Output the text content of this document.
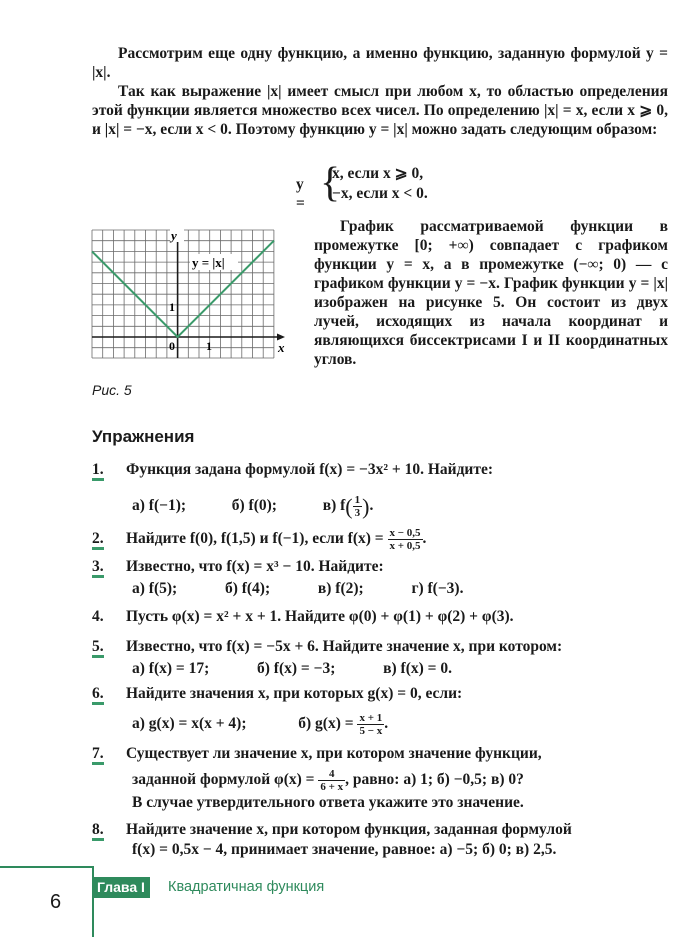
Рассмотрим еще одну функцию, а именно функцию, заданную формулой y = |x|.

Так как выражение |x| имеет смысл при любом x, то областью определения этой функции является множество всех чисел. По определению |x| = x, если x ⩾ 0, и |x| = −x, если x < 0. Поэтому функцию y = |x| можно задать следующим образом:

y = {
x, если x ⩾ 0,
−x, если x < 0.
y = |x|
y
x
0	1
1

График рассматриваемой функции в промежутке [0; +∞) совпадает с графиком функции y = x, а в промежутке (−∞; 0) — с графиком функции y = −x. График функции y = |x| изображен на рисунке 5. Он состоит из двух лучей, исходящих из начала координат и являющихся биссектрисами I и II координатных углов.

Рис. 5
Упражнения
1. Функция задана формулой f(x) = −3x² + 10. Найдите:
а) f(−1);	б) f(0);	в) $f( \frac{1}{3}$ ).
2. Найдите f(0), f(1,5) и f(−1), если $f(x) = \frac{x - 0,5}{x + 0,5}$ .
3. Известно, что f(x) = x³ − 10. Найдите:
а) f(5);	б) f(4);	в) f(2);	г) f(−3).
4. Пусть φ(x) = x² + x + 1. Найдите φ(0) + φ(1) + φ(2) + φ(3).
5. Известно, что f(x) = −5x + 6. Найдите значение x, при котором:
а) f(x) = 17;	б) f(x) = −3;	в) f(x) = 0.
6. Найдите значения x, при которых g(x) = 0, если:
а) g(x) = x(x + 4);	б) $g(x) = \frac{x + 1}{5 - x}$ .
7. Существует ли значение x, при котором значение функции,
заданной формулой $\varphi(x) = \frac{4}{6 + x}$ , равно: а) 1; б) −0,5; в) 0?
В случае утвердительного ответа укажите это значение.
8. Найдите значение x, при котором функция, заданная формулой
f(x) = 0,5x − 4, принимает значение, равное: а) −5; б) 0; в) 2,5.
6
Глава I	Квадратичная функция
